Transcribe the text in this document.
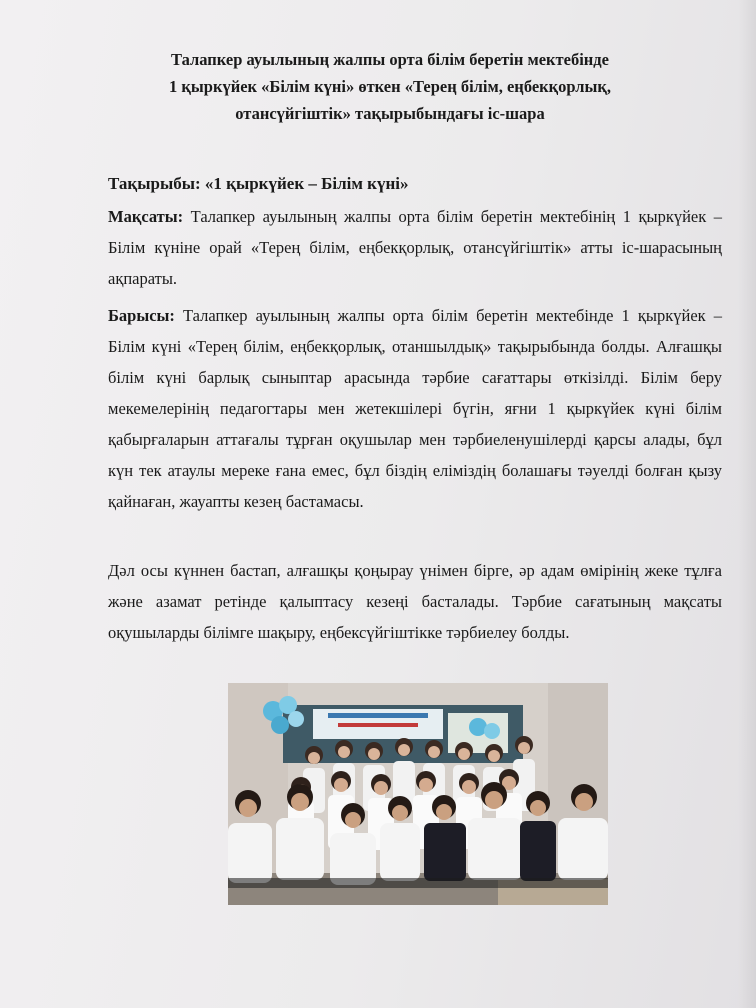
Талапкер ауылының жалпы орта білім беретін мектебінде
1 қыркүйек «Білім күні» өткен «Терең білім, еңбекқорлық,
отансүйгіштік» тақырыбындағы іс-шара
Тақырыбы: «1 қыркүйек – Білім күні»
Мақсаты: Талапкер ауылының жалпы орта білім беретін мектебінің 1 қыркүйек – Білім күніне орай «Терең білім, еңбекқорлық, отансүйгіштік» атты іс-шарасының ақпараты.
Барысы: Талапкер ауылының жалпы орта білім беретін мектебінде 1 қыркүйек – Білім күні «Терең білім, еңбекқорлық, отаншылдық» тақырыбында болды. Алғашқы білім күні барлық сыныптар арасында тәрбие сағаттары өткізілді. Білім беру мекемелерінің педагогтары мен жетекшілері бүгін, яғни 1 қыркүйек күні білім қабырғаларын аттағалы тұрған оқушылар мен тәрбиеленушілерді қарсы алады, бұл күн тек атаулы мереке ғана емес, бұл біздің еліміздің болашағы тәуелді болған қызу қайнаған, жауапты кезең бастамасы.
Дәл осы күннен бастап, алғашқы қоңырау үнімен бірге, әр адам өмірінің жеке тұлға және азамат ретінде қалыптасу кезеңі басталады. Тәрбие сағатының мақсаты оқушыларды білімге шақыру, еңбексүйгіштікке тәрбиелеу болды.
